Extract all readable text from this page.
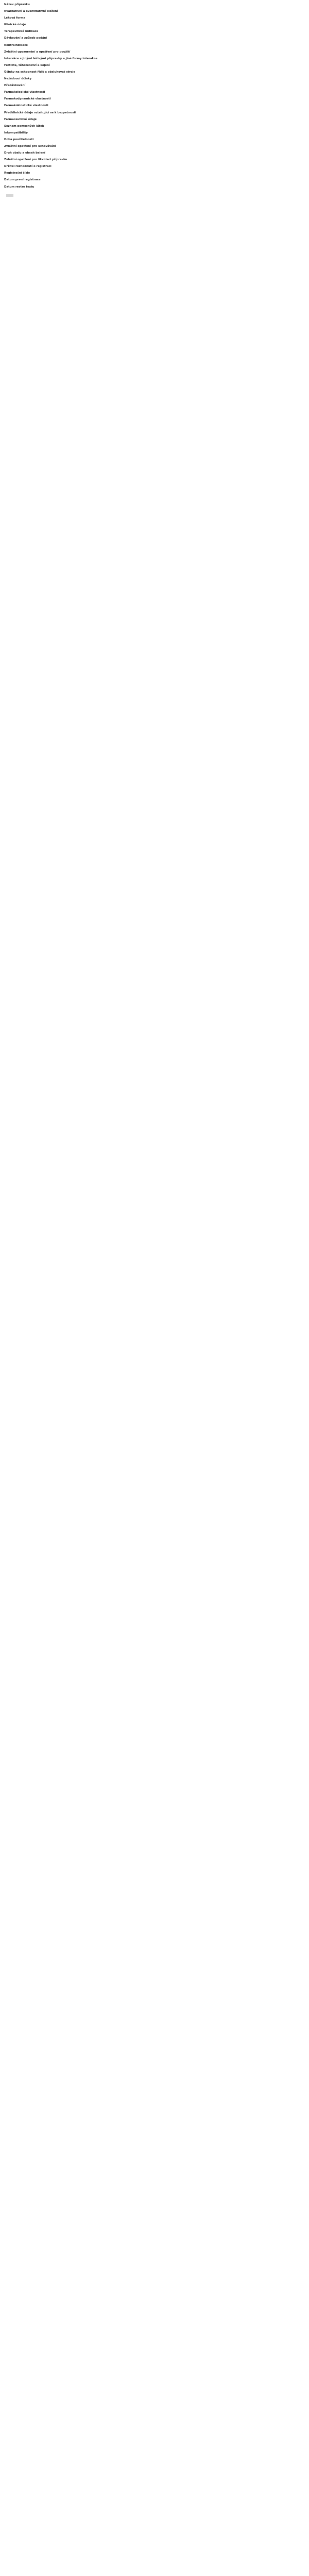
Název přípravku
Kvalitativní a kvantitativní složení
Léková forma
Klinické údaje
Terapeutické indikace
Dávkování a způsob podání
Kontraindikace
Zvláštní upozornění a opatření pro použití
Interakce s jinými léčivými přípravky a jiné formy interakce
Fertilita, těhotenství a kojení
Účinky na schopnost řídit a obsluhovat stroje
Nežádoucí účinky
Předávkování
Farmakologické vlastnosti
Farmakodynamické vlastnosti
Farmakokinetické vlastnosti
Předklinické údaje vztahující se k bezpečnosti
Farmaceutické údaje
Seznam pomocných látek
Inkompatibility
Doba použitelnosti
Zvláštní opatření pro uchovávání
Druh obalu a obsah balení
Zvláštní opatření pro likvidaci přípravku
Držitel rozhodnutí o registraci
Registrační číslo
Datum první registrace
Datum revize textu
